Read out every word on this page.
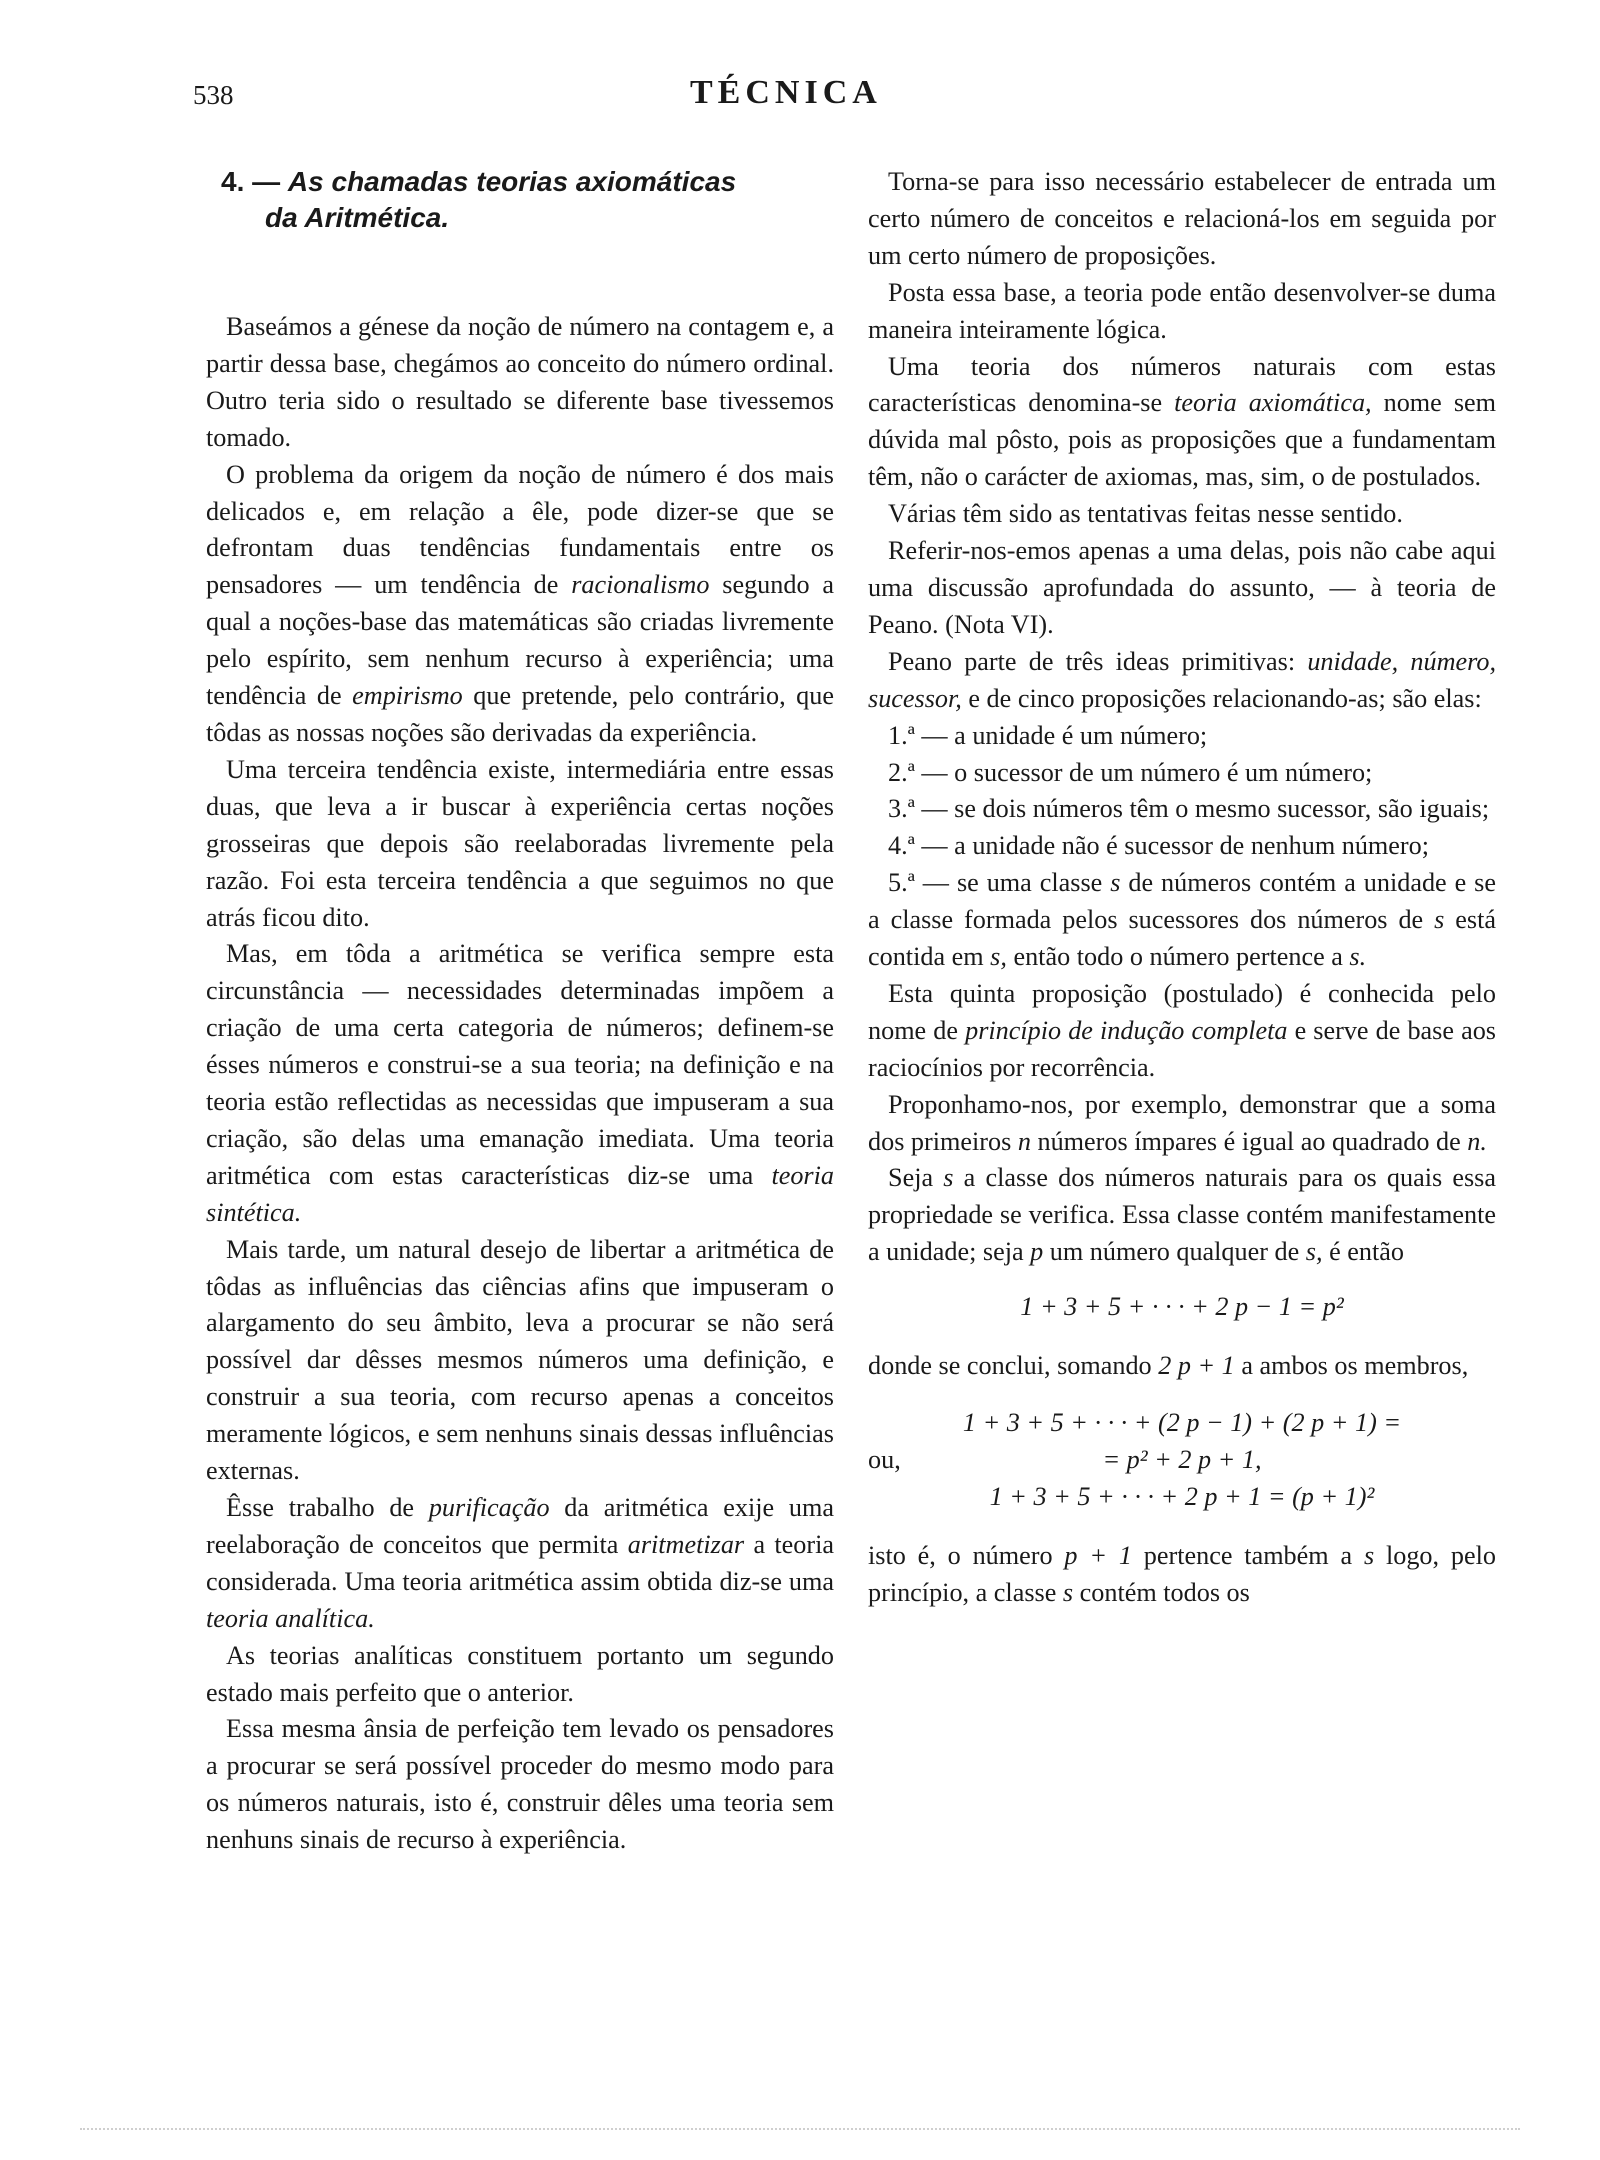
538	TÉCNICA
4. — As chamadas teorias axiomáticas
da Aritmética.

Baseámos a génese da noção de número na contagem e, a partir dessa base, chegámos ao conceito do número ordinal. Outro teria sido o resultado se diferente base tivessemos tomado.

O problema da origem da noção de número é dos mais delicados e, em relação a êle, pode dizer-se que se defrontam duas tendências fundamentais entre os pensadores — um tendência de racionalismo segundo a qual a noções-base das matemáticas são criadas livremente pelo espírito, sem nenhum recurso à experiência; uma tendência de empirismo que pretende, pelo contrário, que tôdas as nossas noções são derivadas da experiência.

Uma terceira tendência existe, intermediária entre essas duas, que leva a ir buscar à experiência certas noções grosseiras que depois são reelaboradas livremente pela razão. Foi esta terceira tendência a que seguimos no que atrás ficou dito.

Mas, em tôda a aritmética se verifica sempre esta circunstância — necessidades determinadas impõem a criação de uma certa categoria de números; definem-se ésses números e construi-se a sua teoria; na definição e na teoria estão reflectidas as necessidas que impuseram a sua criação, são delas uma emanação imediata. Uma teoria aritmética com estas características diz-se uma teoria sintética.

Mais tarde, um natural desejo de libertar a aritmética de tôdas as influências das ciências afins que impuseram o alargamento do seu âmbito, leva a procurar se não será possível dar dêsses mesmos números uma definição, e construir a sua teoria, com recurso apenas a conceitos meramente lógicos, e sem nenhuns sinais dessas influências externas.

Êsse trabalho de purificação da aritmética exije uma reelaboração de conceitos que permita aritmetizar a teoria considerada. Uma teoria aritmética assim obtida diz-se uma teoria analítica.

As teorias analíticas constituem portanto um segundo estado mais perfeito que o anterior.

Essa mesma ânsia de perfeição tem levado os pensadores a procurar se será possível proceder do mesmo modo para os números naturais, isto é, construir dêles uma teoria sem nenhuns sinais de recurso à experiência.

Torna-se para isso necessário estabelecer de entrada um certo número de conceitos e relacioná-los em seguida por um certo número de proposições.

Posta essa base, a teoria pode então desenvolver-se duma maneira inteiramente lógica.

Uma teoria dos números naturais com estas características denomina-se teoria axiomática, nome sem dúvida mal pôsto, pois as proposições que a fundamentam têm, não o carácter de axiomas, mas, sim, o de postulados.

Várias têm sido as tentativas feitas nesse sentido.

Referir-nos-emos apenas a uma delas, pois não cabe aqui uma discussão aprofundada do assunto, — à teoria de Peano. (Nota VI).

Peano parte de três ideas primitivas: unidade, número, sucessor, e de cinco proposições relacionando-as; são elas:

1.ª — a unidade é um número;

2.ª — o sucessor de um número é um número;

3.ª — se dois números têm o mesmo sucessor, são iguais;

4.ª — a unidade não é sucessor de nenhum número;

5.ª — se uma classe s de números contém a unidade e se a classe formada pelos sucessores dos números de s está contida em s, então todo o número pertence a s.

Esta quinta proposição (postulado) é conhecida pelo nome de princípio de indução completa e serve de base aos raciocínios por recorrência.

Proponhamo-nos, por exemplo, demonstrar que a soma dos primeiros n números ímpares é igual ao quadrado de n.

Seja s a classe dos números naturais para os quais essa propriedade se verifica. Essa classe contém manifestamente a unidade; seja p um número qualquer de s, é então

1 + 3 + 5 + · · · + 2 p − 1 = p²

donde se conclui, somando 2 p + 1 a ambos os membros,

1 + 3 + 5 + · · · + (2 p − 1) + (2 p + 1) =
ou,	= p² + 2 p + 1,
1 + 3 + 5 + · · · + 2 p + 1 = (p + 1)²

isto é, o número p + 1 pertence também a s logo, pelo princípio, a classe s contém todos os
